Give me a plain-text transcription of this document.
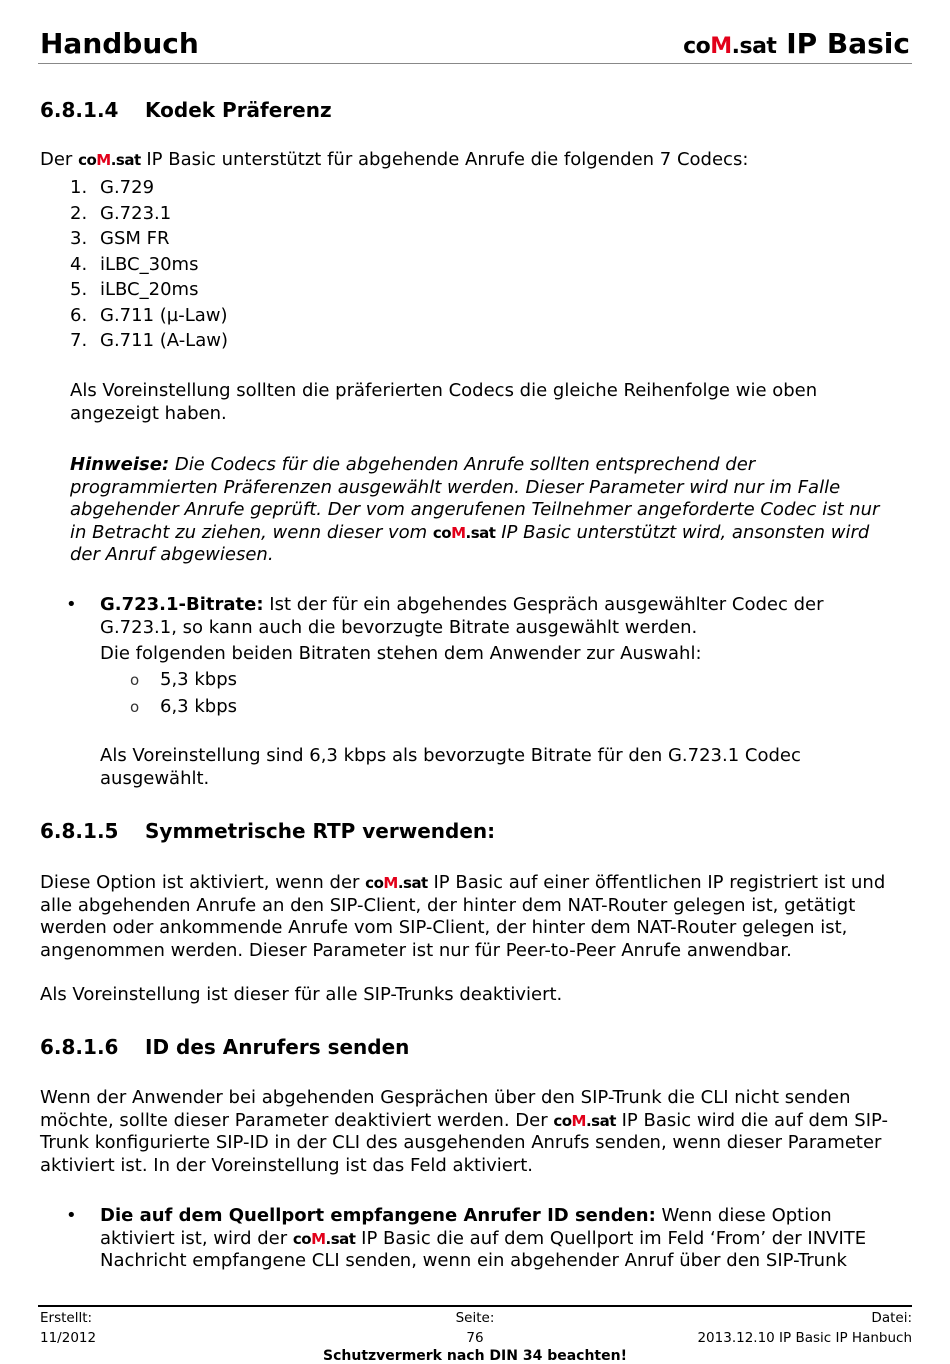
Handbuch	coM.sat IP Basic
6.8.1.4 Kodek Präferenz

Der coM.sat IP Basic unterstützt für abgehende Anrufe die folgenden 7 Codecs:

1. G.729
2. G.723.1
3. GSM FR
4. iLBC_30ms
5. iLBC_20ms
6. G.711 (µ-Law)
7. G.711 (A-Law)

Als Voreinstellung sollten die präferierten Codecs die gleiche Reihenfolge wie oben angezeigt haben.

Hinweise: Die Codecs für die abgehenden Anrufe sollten entsprechend der
programmierten Präferenzen ausgewählt werden. Dieser Parameter wird nur im Falle
abgehender Anrufe geprüft. Der vom angerufenen Teilnehmer angeforderte Codec ist nur
in Betracht zu ziehen, wenn dieser vom coM.sat IP Basic unterstützt wird, ansonsten wird
der Anruf abgewiesen.
• G.723.1-Bitrate: Ist der für ein abgehendes Gespräch ausgewählter Codec der G.723.1, so kann auch die bevorzugte Bitrate ausgewählt werden.

Die folgenden beiden Bitraten stehen dem Anwender zur Auswahl:

o 5,3 kbps
o 6,3 kbps

Als Voreinstellung sind 6,3 kbps als bevorzugte Bitrate für den G.723.1 Codec ausgewählt.

6.8.1.5 Symmetrische RTP verwenden:

Diese Option ist aktiviert, wenn der coM.sat IP Basic auf einer öffentlichen IP registriert ist und alle abgehenden Anrufe an den SIP-Client, der hinter dem NAT-Router gelegen ist, getätigt werden oder ankommende Anrufe vom SIP-Client, der hinter dem NAT-Router gelegen ist, angenommen werden. Dieser Parameter ist nur für Peer-to-Peer Anrufe anwendbar.

Als Voreinstellung ist dieser für alle SIP-Trunks deaktiviert.

6.8.1.6 ID des Anrufers senden

Wenn der Anwender bei abgehenden Gesprächen über den SIP-Trunk die CLI nicht senden möchte, sollte dieser Parameter deaktiviert werden. Der coM.sat IP Basic wird die auf dem SIP-Trunk konfigurierte SIP-ID in der CLI des ausgehenden Anrufs senden, wenn dieser Parameter aktiviert ist. In der Voreinstellung ist das Feld aktiviert.

• Die auf dem Quellport empfangene Anrufer ID senden: Wenn diese Option aktiviert ist, wird der coM.sat IP Basic die auf dem Quellport im Feld ‘From’ der INVITE Nachricht empfangene CLI senden, wenn ein abgehender Anruf über den SIP-Trunk

Erstellt:
11/2012
Seite:
76
Datei:
2013.12.10 IP Basic IP Hanbuch
Schutzvermerk nach DIN 34 beachten!
